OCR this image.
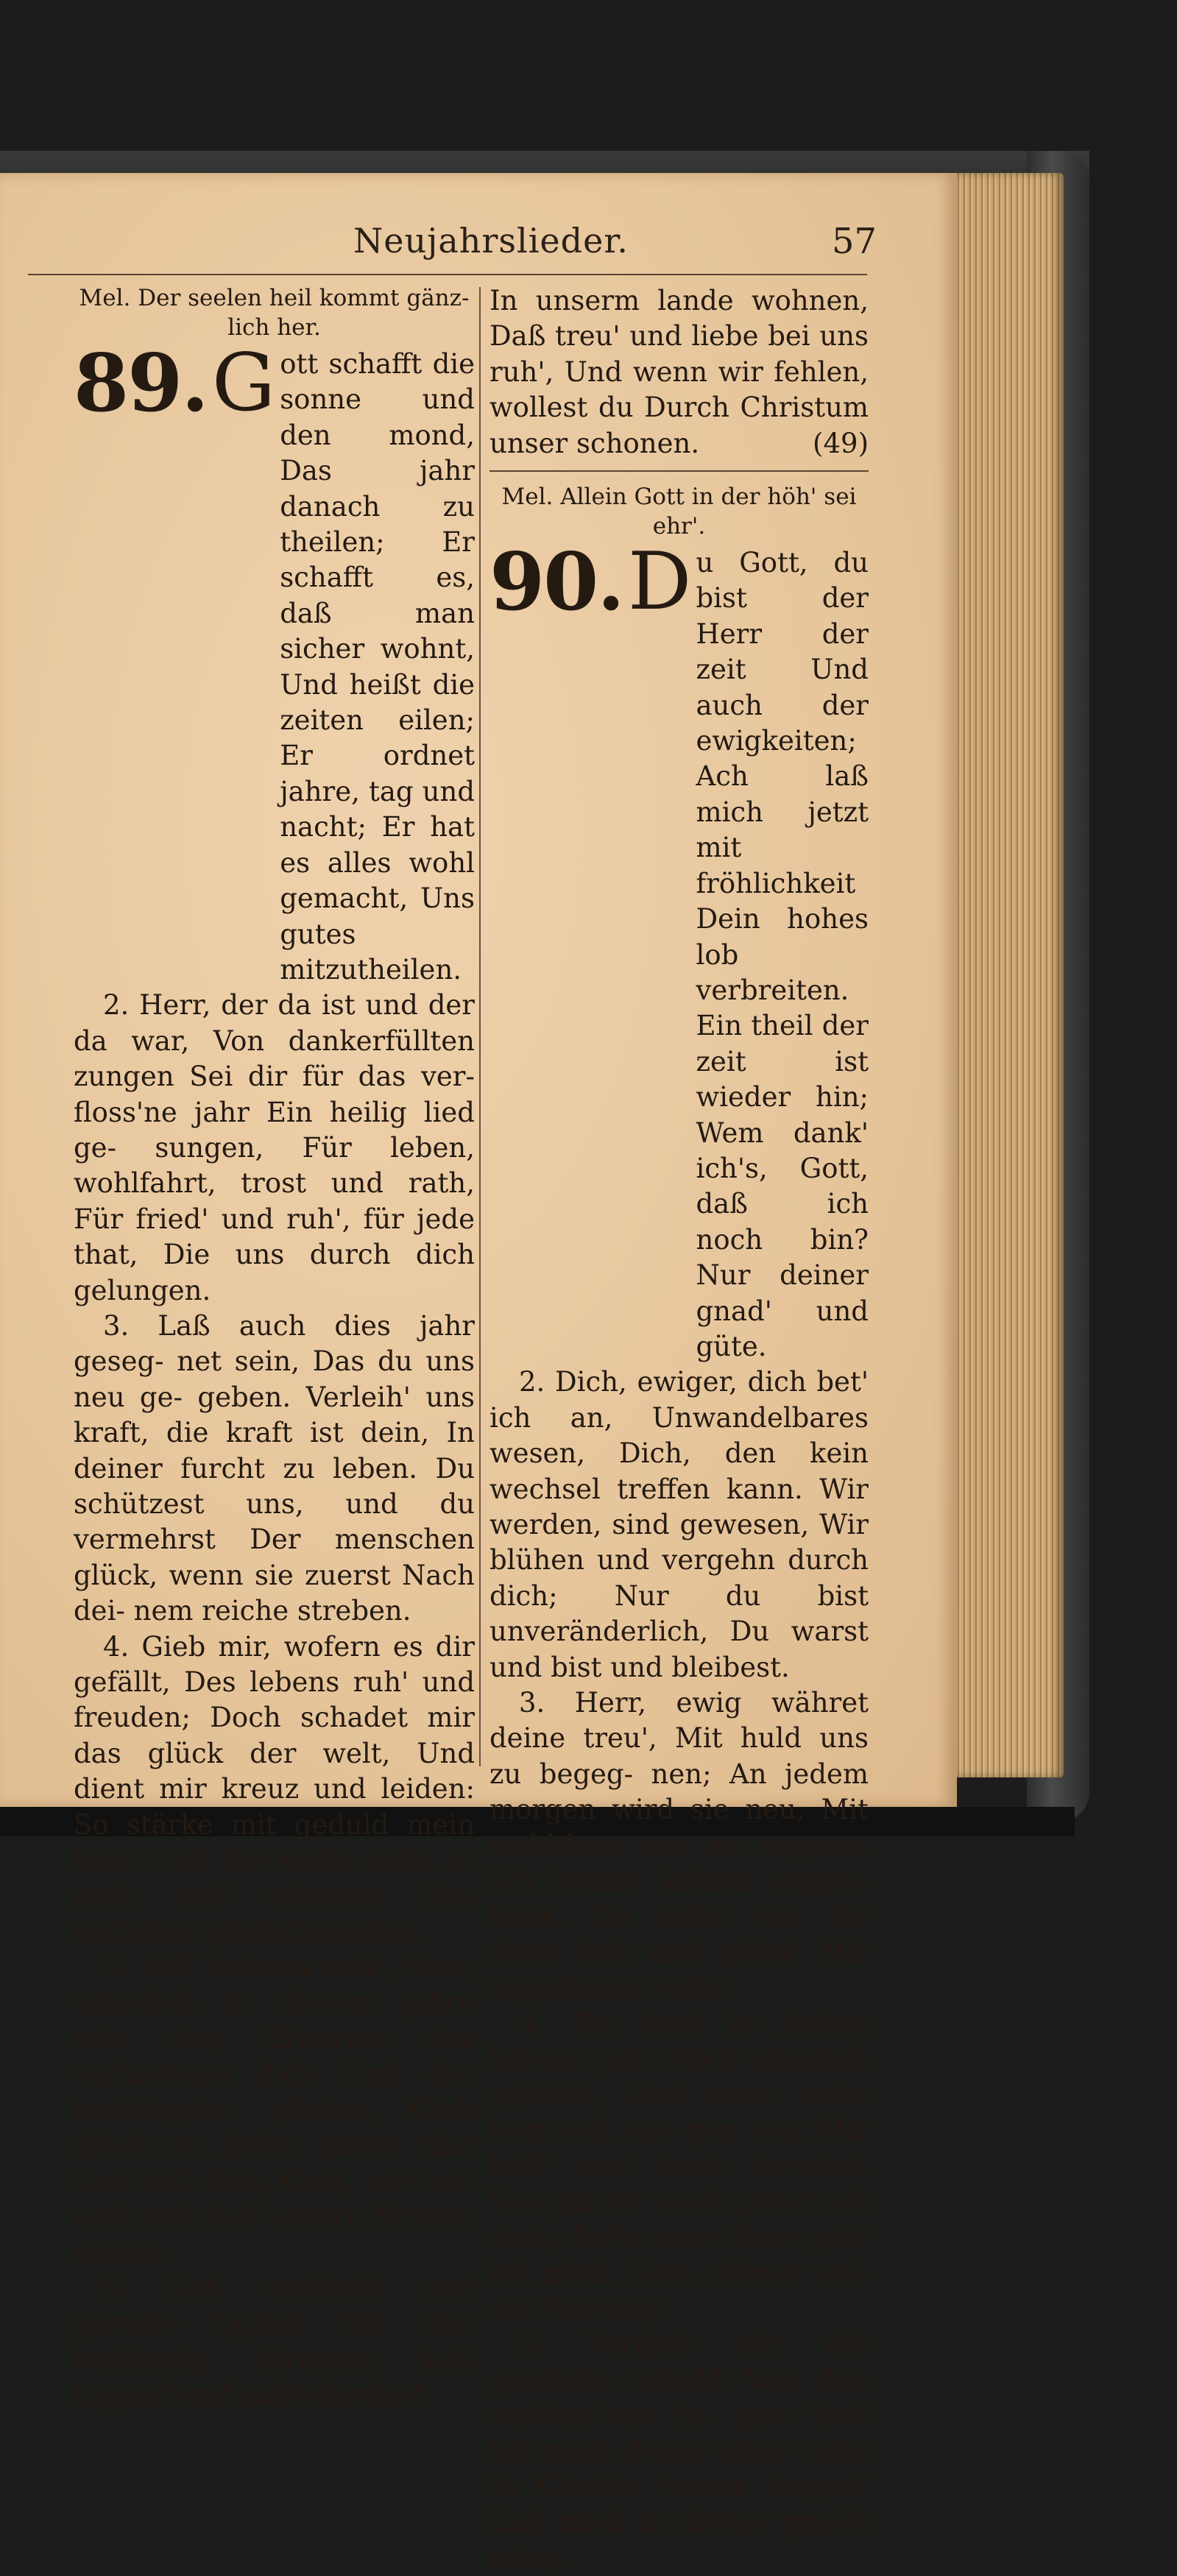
Neujahrslieder.	57

Mel. Der seelen heil kommt gänz- lich her.

89. G ott schafft die sonne und den mond, Das jahr danach zu theilen; Er schafft es, daß man sicher wohnt, Und heißt die zeiten eilen; Er ordnet jahre, tag und nacht; Er hat es alles wohl gemacht, Uns gutes mitzutheilen.

2. Herr, der da ist und der da war, Von dankerfüllten zungen Sei dir für das ver- floss'ne jahr Ein heilig lied ge- sungen, Für leben, wohlfahrt, trost und rath, Für fried' und ruh', für jede that, Die uns durch dich gelungen.

3. Laß auch dies jahr geseg- net sein, Das du uns neu ge- geben. Verleih' uns kraft, die kraft ist dein, In deiner furcht zu leben. Du schützest uns, und du vermehrst Der menschen glück, wenn sie zuerst Nach dei- nem reiche streben.

4. Gieb mir, wofern es dir gefällt, Des lebens ruh' und freuden; Doch schadet mir das glück der welt, Und dient mir kreuz und leiden: So stärke mit geduld mein herz Und laß mich nicht in noth und schmerz Des nächsten glück beneiden.

5. Hilf deinem volk, Herr, väterlich In diesem jahre wie- der, Erbarme der verlass'nen dich Und der bedrängten glieder, Gieb glück zu jeder guten that Und laß dich, Gott, mit heil und rath Auf unsern fürsten nieder.

6. Laß weisheit und gerech- tigkeit Bei ihm beständig thronen; Laß tugend und zufriedenheit

In unserm lande wohnen, Daß treu' und liebe bei uns ruh', Und wenn wir fehlen, wollest du Durch Christum unser schonen.	(49)

Mel. Allein Gott in der höh' sei ehr'.

90. D u Gott, du bist der Herr der zeit Und auch der ewigkeiten; Ach laß mich jetzt mit fröhlichkeit Dein hohes lob verbreiten. Ein theil der zeit ist wieder hin; Wem dank' ich's, Gott, daß ich noch bin? Nur deiner gnad' und güte.

2. Dich, ewiger, dich bet' ich an, Unwandelbares wesen, Dich, den kein wechsel treffen kann. Wir werden, sind gewesen, Wir blühen und vergehn durch dich; Nur du bist unveränderlich, Du warst und bist und bleibest.

3. Herr, ewig währet deine treu', Mit huld uns zu begeg- nen; An jedem morgen wird sie neu, Mit wohlthun uns zu segnen. Ich kenne keinen augen- blick, Da nicht von ihr stets heil und glück Mir zugeflossen wäre.

4. Du hast in jedem lebens- jahr Mich väterlich geleitet, Und wenn mein herz voll sor- gen war, Mir hülf' und trost bereitet. Von ganzer seele preis' ich dich; Auf's neue über- geb' ich mich, Gott, deiner wei- sen führung!

5. Vergieb mir die gehäufte schuld Von den verfloss'nen ta- gen Und laß mich deine vater- huld In Christo ferner tragen! Laß mich in deiner gnade ruhn,
